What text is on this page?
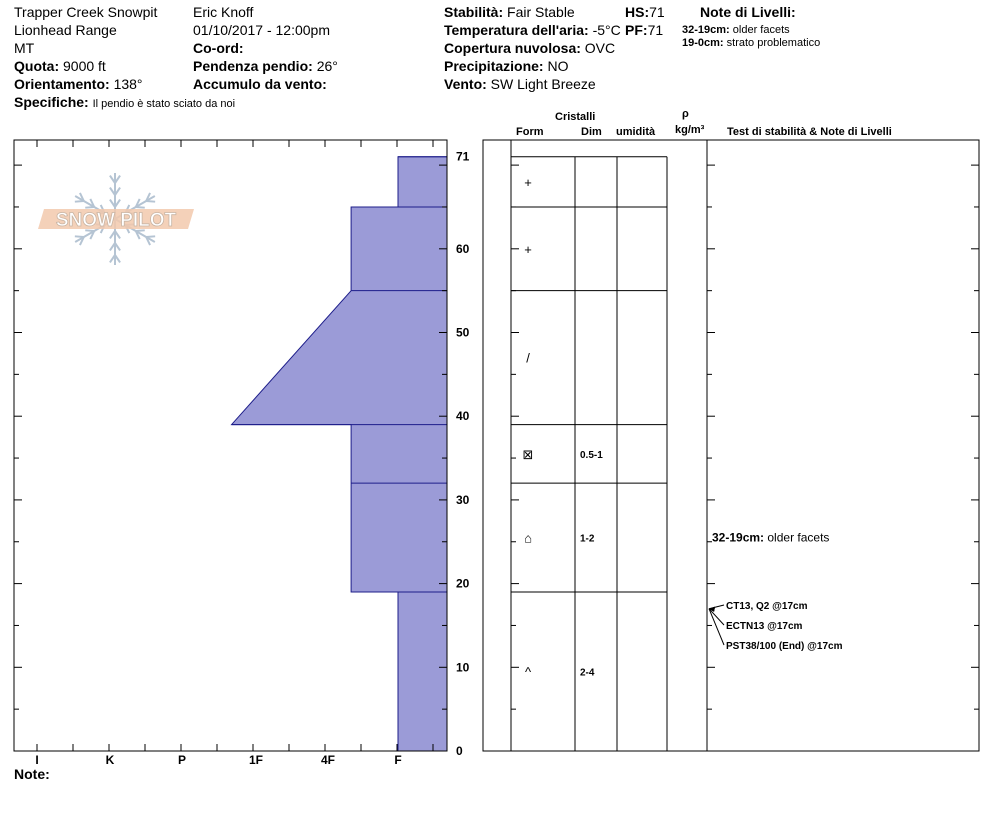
Trapper Creek Snowpit
Lionhead Range
MT
Quota: 9000 ft
Orientamento: 138°
Specifiche: Il pendio è stato sciato da noi
Eric Knoff
01/10/2017 - 12:00pm
Co-ord:
Pendenza pendio: 26°
Accumulo da vento:
Stabilità: Fair Stable
Temperatura dell'aria: -5°C
Copertura nuvolosa: OVC
Precipitazione: NO
Vento: SW Light Breeze
HS:71
PF:71
Note di Livelli:
32-19cm: older facets
19-0cm: strato problematico
Cristalli
Form	Dim umidità
ρ
kg/m³ Test di stabilità & Note di Livelli
Note:
SNOW PILOT
0
10
20
30
40
50
60
71
I	K	P	1F	4F	F
+
+
/
⊠	0.5-1
⌂	1-2
^	2-4
32-19cm: older facets
CT13, Q2 @17cm
ECTN13 @17cm
PST38/100 (End) @17cm
